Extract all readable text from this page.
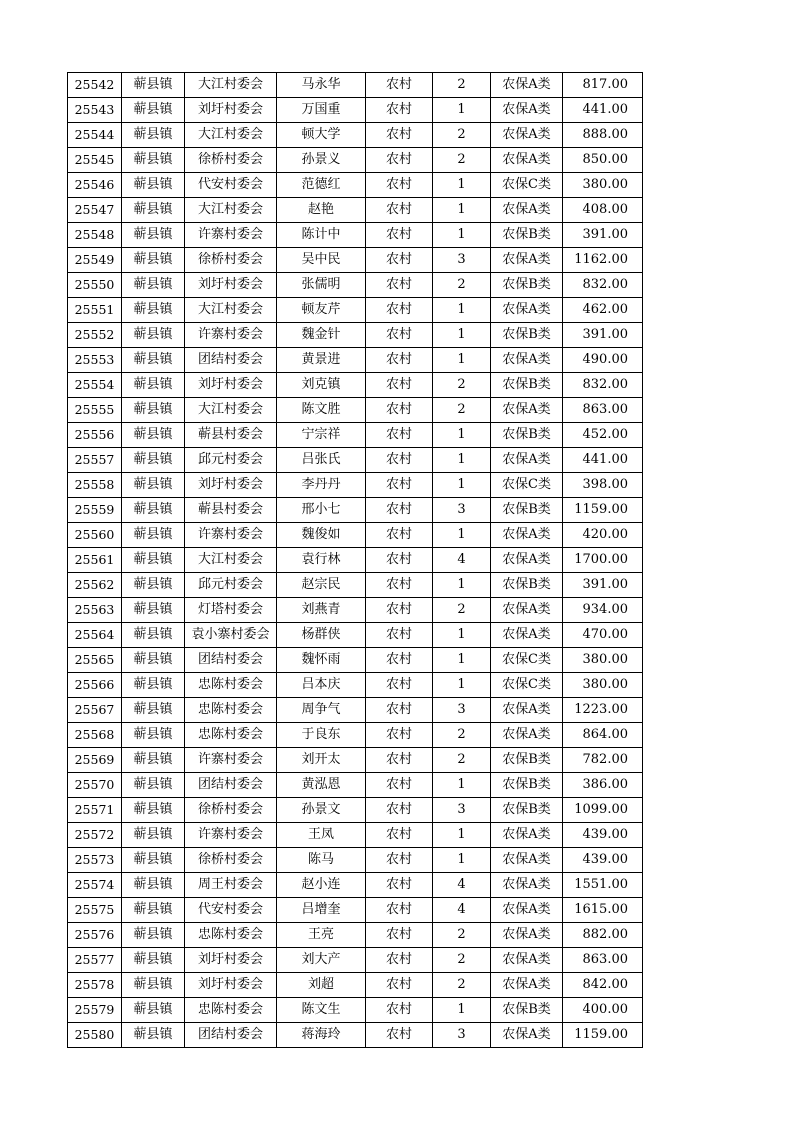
25542	蕲县镇	大江村委会	马永华	农村	2	农保A类	817.00
25543	蕲县镇	刘圩村委会	万国重	农村	1	农保A类	441.00
25544	蕲县镇	大江村委会	顿大学	农村	2	农保A类	888.00
25545	蕲县镇	徐桥村委会	孙景义	农村	2	农保A类	850.00
25546	蕲县镇	代安村委会	范德红	农村	1	农保C类	380.00
25547	蕲县镇	大江村委会	赵艳	农村	1	农保A类	408.00
25548	蕲县镇	许寨村委会	陈计中	农村	1	农保B类	391.00
25549	蕲县镇	徐桥村委会	吴中民	农村	3	农保A类	1162.00
25550	蕲县镇	刘圩村委会	张儒明	农村	2	农保B类	832.00
25551	蕲县镇	大江村委会	顿友芹	农村	1	农保A类	462.00
25552	蕲县镇	许寨村委会	魏金针	农村	1	农保B类	391.00
25553	蕲县镇	团结村委会	黄景进	农村	1	农保A类	490.00
25554	蕲县镇	刘圩村委会	刘克镇	农村	2	农保B类	832.00
25555	蕲县镇	大江村委会	陈文胜	农村	2	农保A类	863.00
25556	蕲县镇	蕲县村委会	宁宗祥	农村	1	农保B类	452.00
25557	蕲县镇	邱元村委会	吕张氏	农村	1	农保A类	441.00
25558	蕲县镇	刘圩村委会	李丹丹	农村	1	农保C类	398.00
25559	蕲县镇	蕲县村委会	邢小七	农村	3	农保B类	1159.00
25560	蕲县镇	许寨村委会	魏俊如	农村	1	农保A类	420.00
25561	蕲县镇	大江村委会	袁行林	农村	4	农保A类	1700.00
25562	蕲县镇	邱元村委会	赵宗民	农村	1	农保B类	391.00
25563	蕲县镇	灯塔村委会	刘燕青	农村	2	农保A类	934.00
25564	蕲县镇	袁小寨村委会	杨群侠	农村	1	农保A类	470.00
25565	蕲县镇	团结村委会	魏怀雨	农村	1	农保C类	380.00
25566	蕲县镇	忠陈村委会	吕本庆	农村	1	农保C类	380.00
25567	蕲县镇	忠陈村委会	周争气	农村	3	农保A类	1223.00
25568	蕲县镇	忠陈村委会	于良东	农村	2	农保A类	864.00
25569	蕲县镇	许寨村委会	刘开太	农村	2	农保B类	782.00
25570	蕲县镇	团结村委会	黄泓恩	农村	1	农保B类	386.00
25571	蕲县镇	徐桥村委会	孙景文	农村	3	农保B类	1099.00
25572	蕲县镇	许寨村委会	王凤	农村	1	农保A类	439.00
25573	蕲县镇	徐桥村委会	陈马	农村	1	农保A类	439.00
25574	蕲县镇	周王村委会	赵小连	农村	4	农保A类	1551.00
25575	蕲县镇	代安村委会	吕增奎	农村	4	农保A类	1615.00
25576	蕲县镇	忠陈村委会	王亮	农村	2	农保A类	882.00
25577	蕲县镇	刘圩村委会	刘大产	农村	2	农保A类	863.00
25578	蕲县镇	刘圩村委会	刘超	农村	2	农保A类	842.00
25579	蕲县镇	忠陈村委会	陈文生	农村	1	农保B类	400.00
25580	蕲县镇	团结村委会	蒋海玲	农村	3	农保A类	1159.00
